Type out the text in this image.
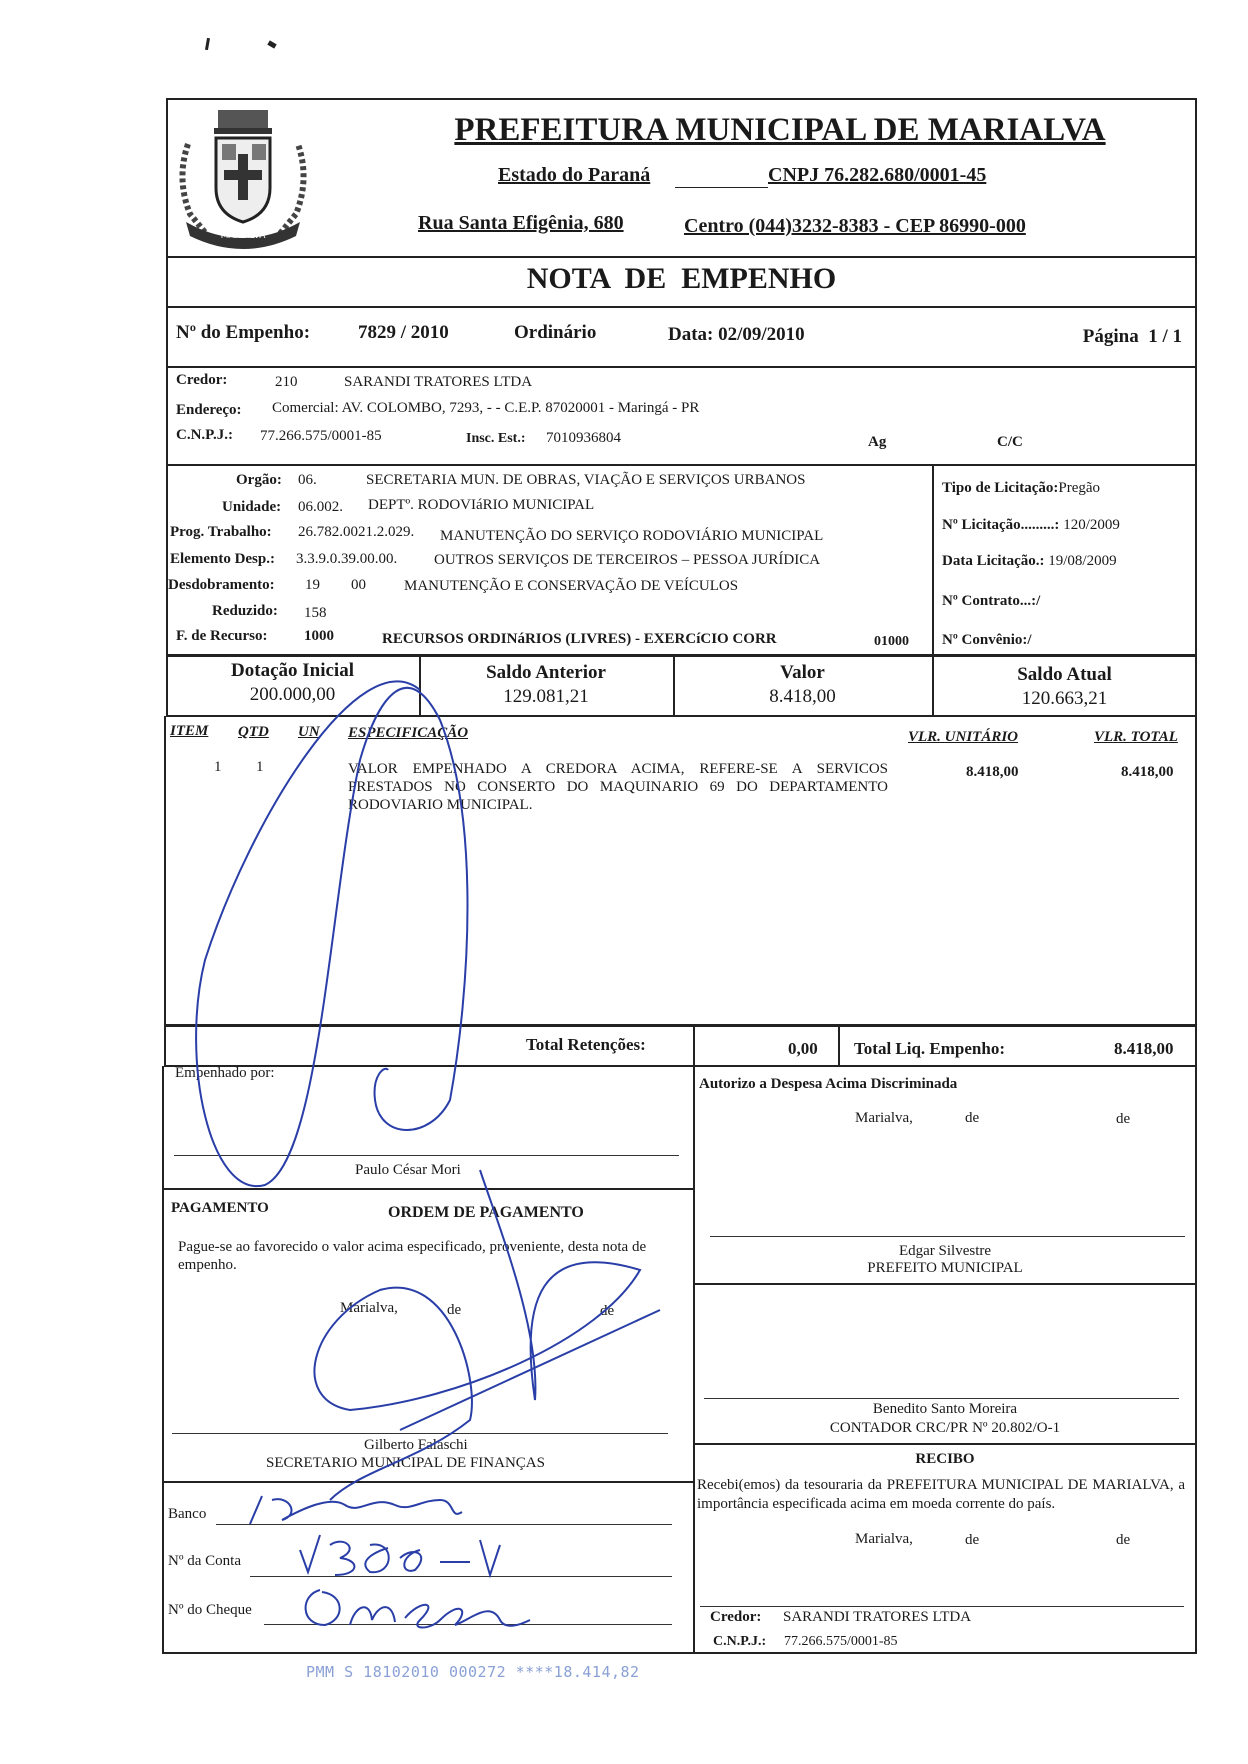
MARIALVA
PREFEITURA MUNICIPAL DE MARIALVA
Estado do Paraná	CNPJ 76.282.680/0001-45
Rua Santa Efigênia, 680	Centro (044)3232-8383 - CEP 86990-000
NOTA  DE  EMPENHO
Nº do Empenho:	7829 / 2010	Ordinário	Data: 02/09/2010	Página  1 / 1
Credor:	210	SARANDI TRATORES LTDA
Endereço: Comercial: AV. COLOMBO, 7293, - - C.E.P. 87020001 - Maringá - PR
C.N.P.J.: 77.266.575/0001-85	Insc. Est.: 7010936804	Ag	C/C
Orgão: 06.	SECRETARIA MUN. DE OBRAS, VIAÇÃO E SERVIÇOS URBANOS
Unidade: 06.002. DEPTº. RODOVIáRIO MUNICIPAL
Prog. Trabalho: 26.782.0021.2.029. MANUTENÇÃO DO SERVIÇO RODOVIÁRIO MUNICIPAL
Elemento Desp.: 3.3.9.0.39.00.00. OUTROS SERVIÇOS DE TERCEIROS – PESSOA JURÍDICA
Desdobramento: 19 00	MANUTENÇÃO E CONSERVAÇÃO DE VEÍCULOS
Reduzido: 158
F. de Recurso: 1000	RECURSOS ORDINáRIOS (LIVRES) - EXERCíCIO CORR	01000
Tipo de Licitação:Pregão
Nº Licitação.........: 120/2009
Data Licitação.: 19/08/2009
Nº Contrato...:/
Nº Convênio:/
Dotação Inicial
200.000,00
Saldo Anterior
129.081,21
Valor
8.418,00
Saldo Atual
120.663,21
ITEM QTD UN ESPECIFICAÇÃO	VLR. UNITÁRIO	VLR. TOTAL
1 1	VALOR EMPENHADO A CREDORA ACIMA, REFERE-SE A SERVICOS PRESTADOS NO CONSERTO DO MAQUINARIO 69 DO DEPARTAMENTO RODOVIARIO MUNICIPAL.
8.418,00	8.418,00
Total Retenções:	0,00 Total Liq. Empenho:	8.418,00
Empenhado por:
Paulo César Mori
PAGAMENTO	ORDEM DE PAGAMENTO
Pague-se ao favorecido o valor acima especificado, proveniente, desta nota de empenho.
Marialva,	de	de
Gilberto Falaschi
SECRETARIO MUNICIPAL DE FINANÇAS
Banco
Nº da Conta
Nº do Cheque
Autorizo a Despesa Acima Discriminada
Marialva,	de	de
Edgar Silvestre
PREFEITO MUNICIPAL
Benedito Santo Moreira
CONTADOR CRC/PR Nº 20.802/O-1
RECIBO
Recebi(emos) da tesouraria da PREFEITURA MUNICIPAL DE MARIALVA, a importância especificada acima em moeda corrente do país.
Marialva,	de	de
Credor: SARANDI TRATORES LTDA
C.N.P.J.: 77.266.575/0001-85
PMM S 18102010 000272 ****18.414,82
